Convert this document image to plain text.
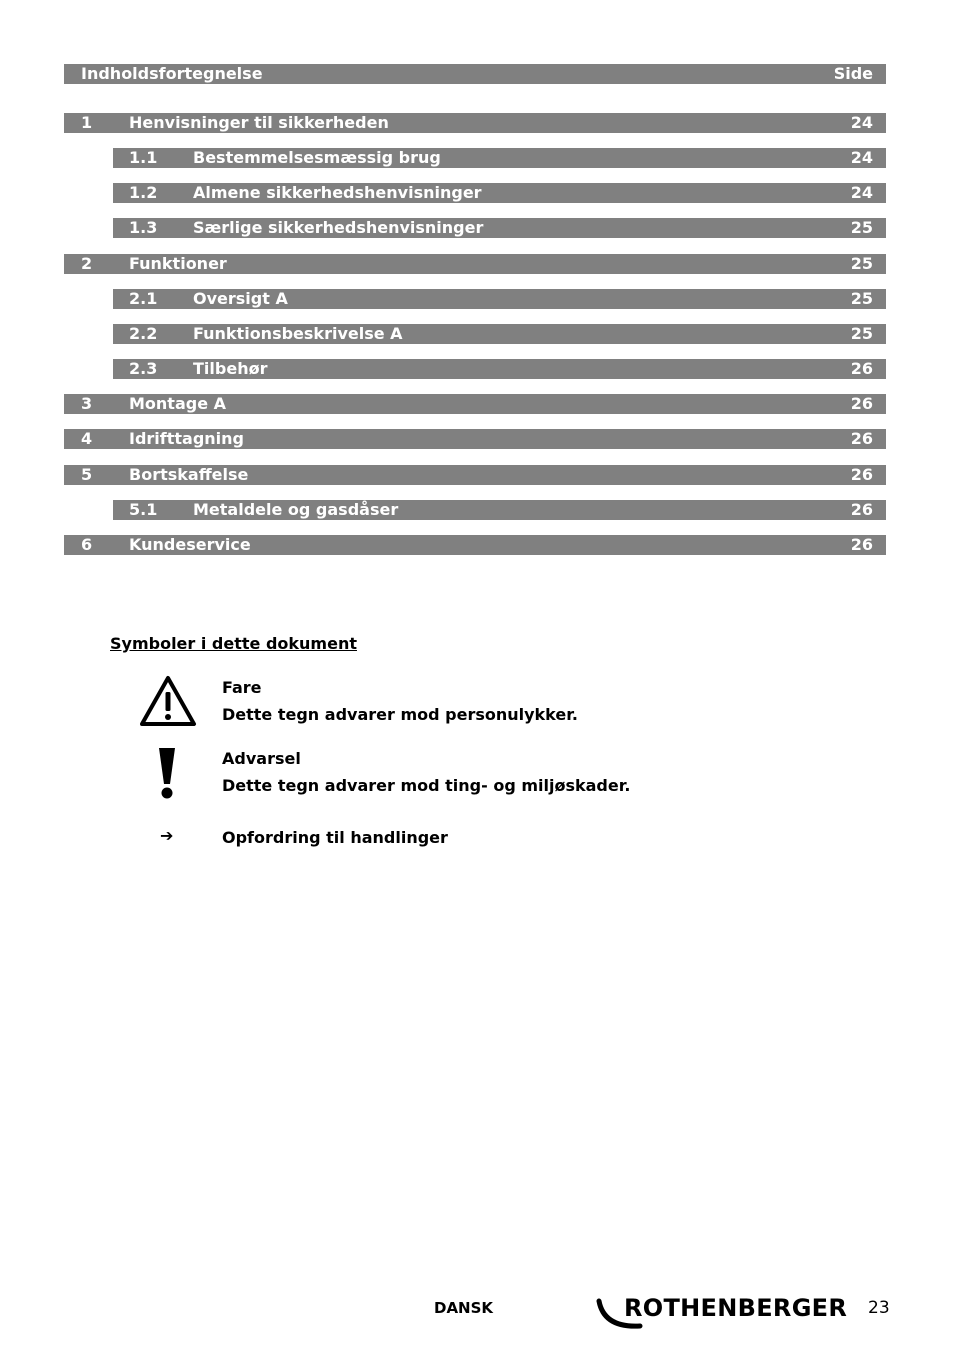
Indholdsfortegnelse	Side
1 Henvisninger til sikkerheden	24
1.1 Bestemmelsesmæssig brug	24
1.2 Almene sikkerhedshenvisninger	24
1.3 Særlige sikkerhedshenvisninger	25
2 Funktioner	25
2.1 Oversigt A	25
2.2 Funktionsbeskrivelse A	25
2.3 Tilbehør	26
3 Montage A	26
4 Idrifttagning	26
5 Bortskaffelse	26
5.1 Metaldele og gasdåser	26
6 Kundeservice	26
Symboler i dette dokument
Fare
Dette tegn advarer mod personulykker.
Advarsel
Dette tegn advarer mod ting- og miljøskader.
➔	Opfordring til handlinger
DANSK	ROTHENBERGER 23
